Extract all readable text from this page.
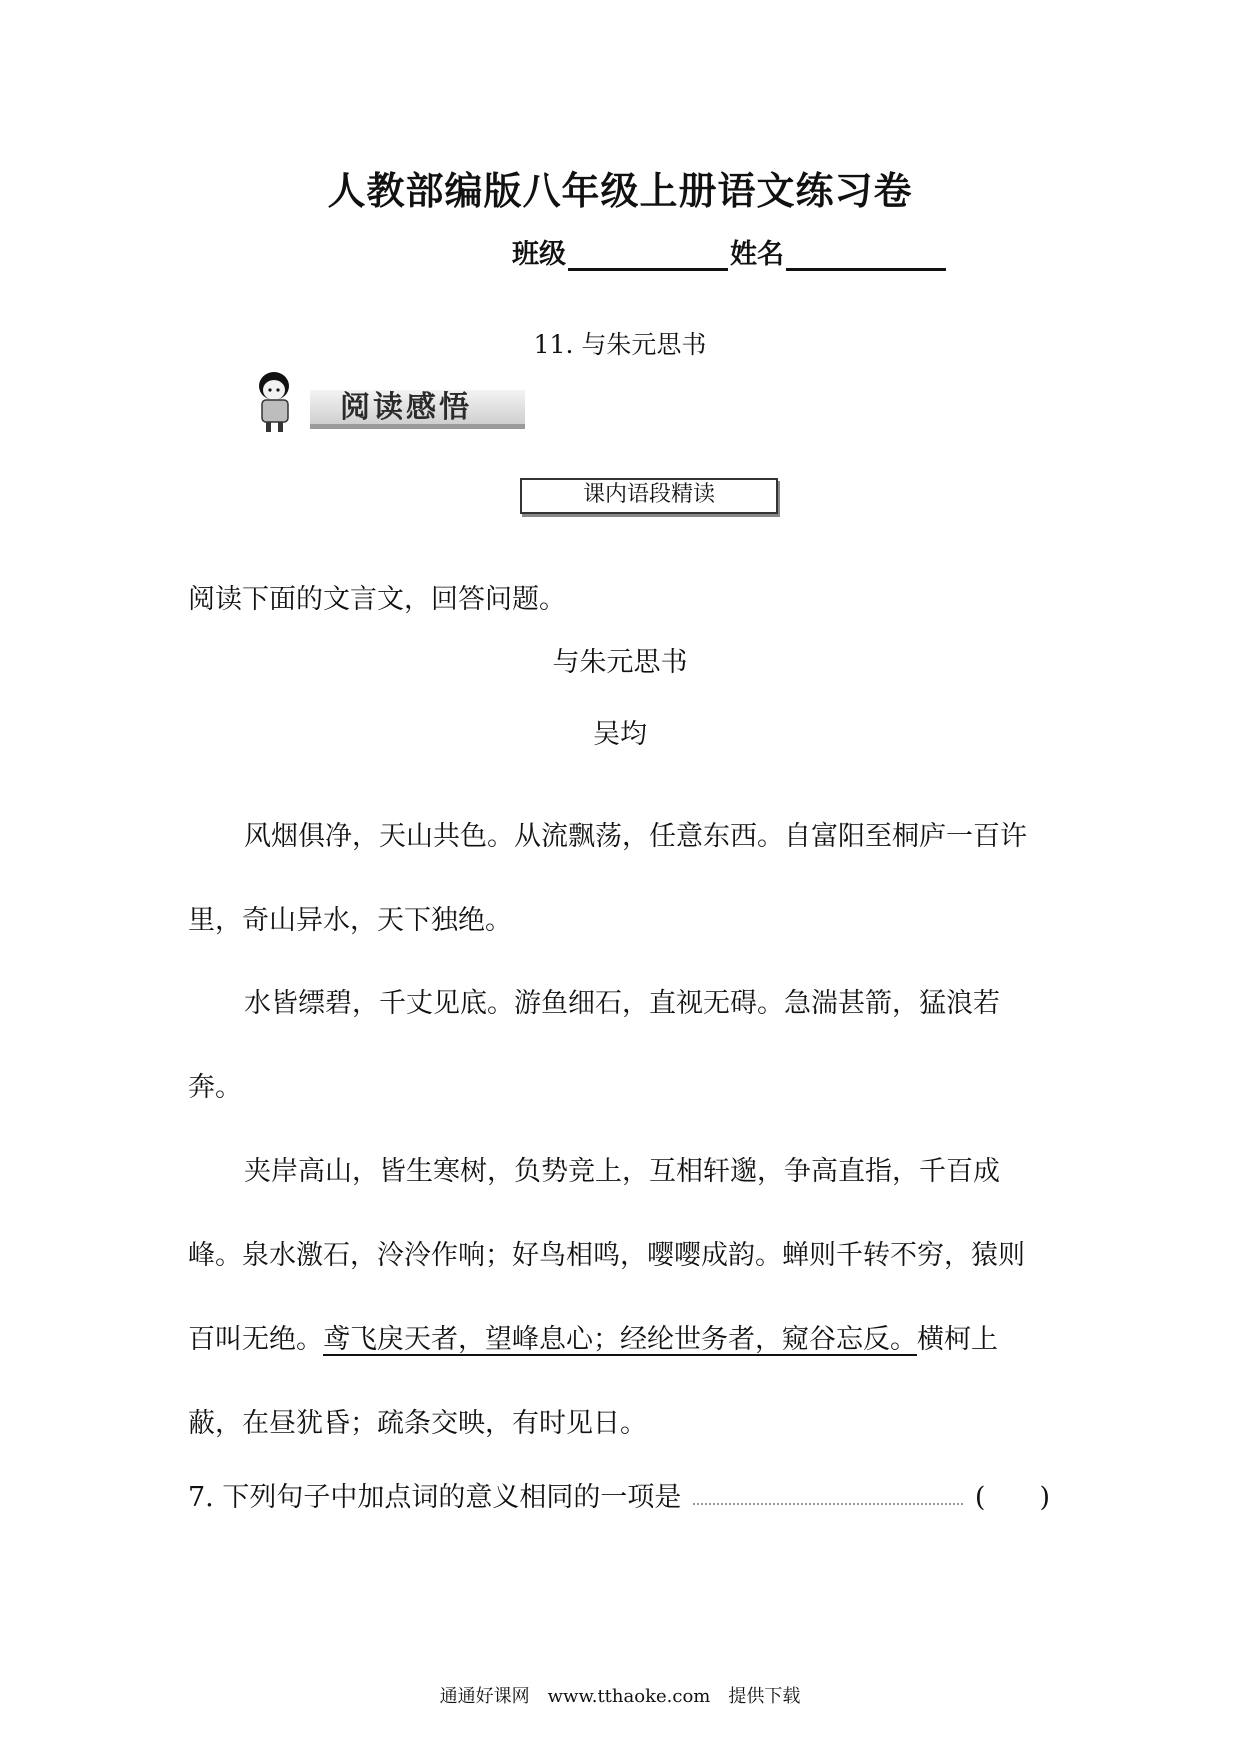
人教部编版八年级上册语文练习卷
班级	姓名
11. 与朱元思书
阅读感悟
课内语段精读
阅读下面的文言文，回答问题。
与朱元思书
吴均
风烟俱净，天山共色。从流飘荡，任意东西。自富阳至桐庐一百许里，奇山异水，天下独绝。
水皆缥碧，千丈见底。游鱼细石，直视无碍。急湍甚箭，猛浪若奔。
夹岸高山，皆生寒树，负势竞上，互相轩邈，争高直指，千百成峰。泉水激石，泠泠作响；好鸟相鸣，嘤嘤成韵。蝉则千转不穷，猿则百叫无绝。鸢飞戾天者，望峰息心；经纶世务者，窥谷忘反。横柯上蔽，在昼犹昏；疏条交映，有时见日。
7. 下列句子中加点词的意义相同的一项是	(　　)
通通好课网　www.tthaoke.com　提供下载
